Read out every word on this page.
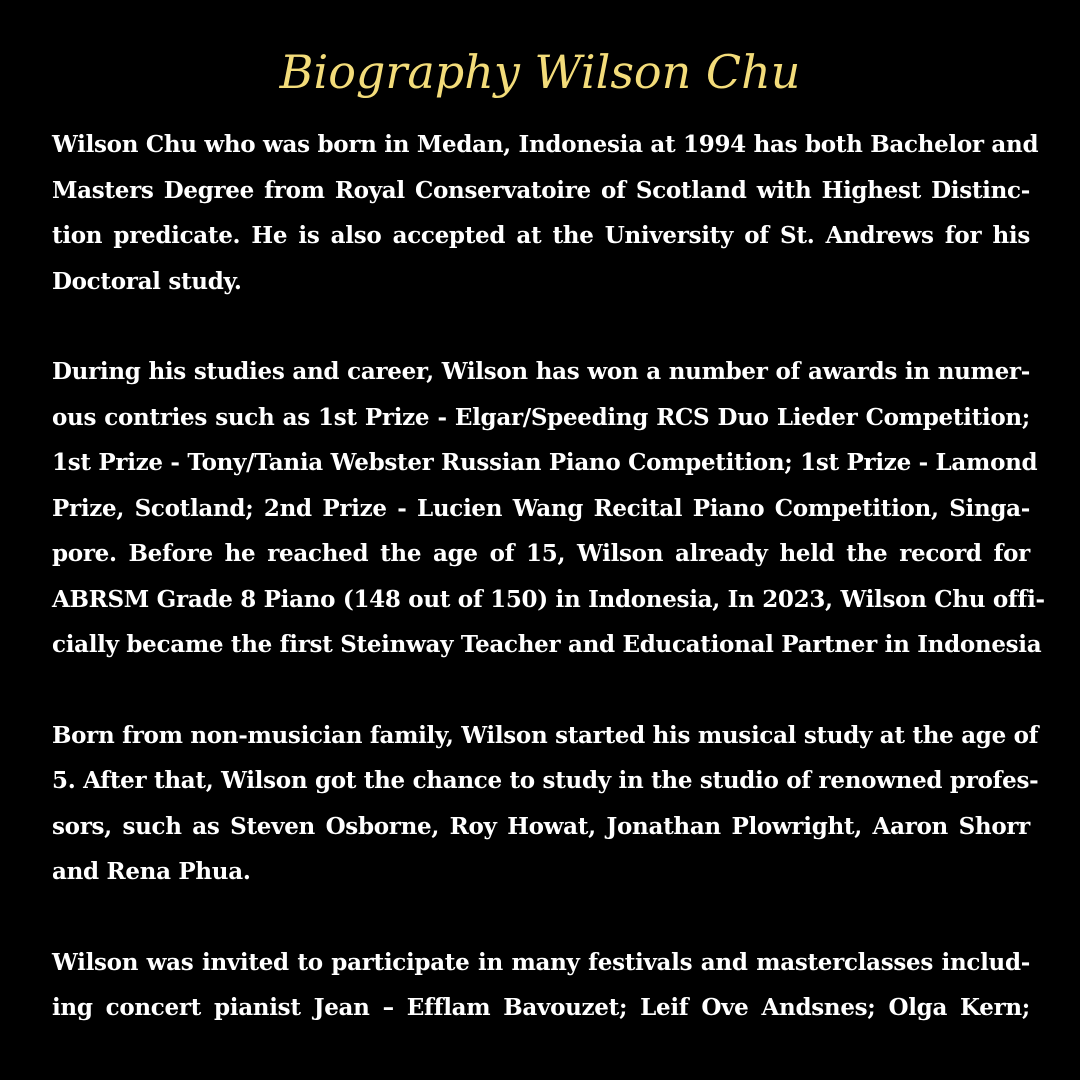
Biography Wilson Chu

Wilson Chu who was born in Medan, Indonesia at 1994 has both Bachelor and
Masters Degree from Royal Conservatoire of Scotland with Highest Distinc-
tion predicate. He is also accepted at the University of St. Andrews for his
Doctoral study.

During his studies and career, Wilson has won a number of awards in numer-
ous contries such as 1st Prize - Elgar/Speeding RCS Duo Lieder Competition;
1st Prize - Tony/Tania Webster Russian Piano Competition; 1st Prize - Lamond
Prize, Scotland; 2nd Prize - Lucien Wang Recital Piano Competition, Singa-
pore. Before he reached the age of 15, Wilson already held the record for
ABRSM Grade 8 Piano (148 out of 150) in Indonesia, In 2023, Wilson Chu offi-
cially became the first Steinway Teacher and Educational Partner in Indonesia

Born from non-musician family, Wilson started his musical study at the age of
5. After that, Wilson got the chance to study in the studio of renowned profes-
sors, such as Steven Osborne, Roy Howat, Jonathan Plowright, Aaron Shorr
and Rena Phua.

Wilson was invited to participate in many festivals and masterclasses includ-
ing concert pianist Jean – Efflam Bavouzet; Leif Ove Andsnes; Olga Kern;
